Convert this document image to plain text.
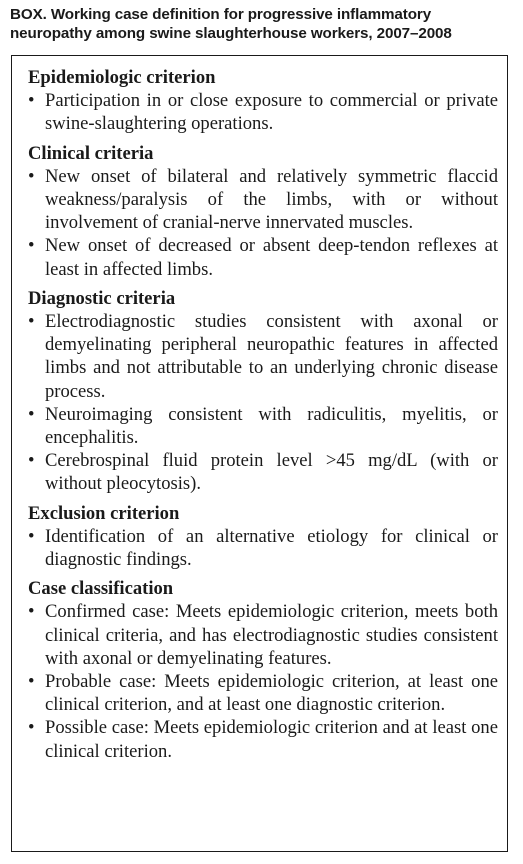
BOX. Working case definition for progressive inflammatory neuropathy among swine slaughterhouse workers, 2007–2008
Epidemiologic criterion
• Participation in or close exposure to commercial or private swine-slaughtering operations.
Clinical criteria
• New onset of bilateral and relatively symmetric flaccid weakness/paralysis of the limbs, with or without involvement of cranial-nerve innervated muscles.
• New onset of decreased or absent deep-tendon reflexes at least in affected limbs.
Diagnostic criteria
• Electrodiagnostic studies consistent with axonal or demyelinating peripheral neuropathic features in affected limbs and not attributable to an underlying chronic disease process.
• Neuroimaging consistent with radiculitis, myelitis, or encephalitis.
• Cerebrospinal fluid protein level >45 mg/dL (with or without pleocytosis).
Exclusion criterion
• Identification of an alternative etiology for clinical or diagnostic findings.
Case classification
• Confirmed case: Meets epidemiologic criterion, meets both clinical criteria, and has electrodiagnostic studies consistent with axonal or demyelinating features.
• Probable case: Meets epidemiologic criterion, at least one clinical criterion, and at least one diagnostic criterion.
• Possible case: Meets epidemiologic criterion and at least one clinical criterion.
